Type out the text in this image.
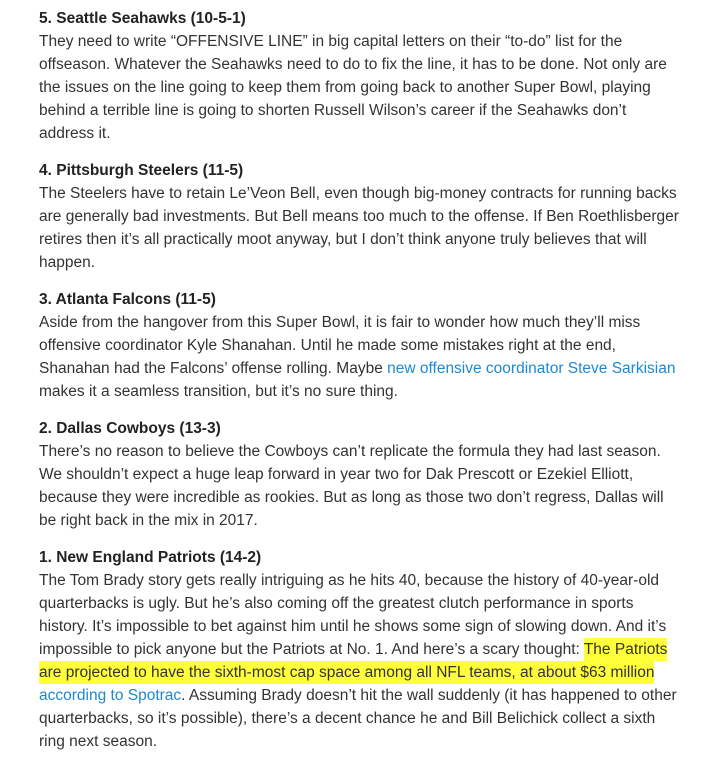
5. Seattle Seahawks (10-5-1)

They need to write “OFFENSIVE LINE” in big capital letters on their “to-do” list for the offseason. Whatever the Seahawks need to do to fix the line, it has to be done. Not only are the issues on the line going to keep them from going back to another Super Bowl, playing behind a terrible line is going to shorten Russell Wilson’s career if the Seahawks don’t address it.

4. Pittsburgh Steelers (11-5)

The Steelers have to retain Le’Veon Bell, even though big-money contracts for running backs are generally bad investments. But Bell means too much to the offense. If Ben Roethlisberger retires then it’s all practically moot anyway, but I don’t think anyone truly believes that will happen.

3. Atlanta Falcons (11-5)

Aside from the hangover from this Super Bowl, it is fair to wonder how much they’ll miss offensive coordinator Kyle Shanahan. Until he made some mistakes right at the end, Shanahan had the Falcons’ offense rolling. Maybe new offensive coordinator Steve Sarkisian makes it a seamless transition, but it’s no sure thing.

2. Dallas Cowboys (13-3)

There’s no reason to believe the Cowboys can’t replicate the formula they had last season. We shouldn’t expect a huge leap forward in year two for Dak Prescott or Ezekiel Elliott, because they were incredible as rookies. But as long as those two don’t regress, Dallas will be right back in the mix in 2017.

1. New England Patriots (14-2)

The Tom Brady story gets really intriguing as he hits 40, because the history of 40-year-old quarterbacks is ugly. But he’s also coming off the greatest clutch performance in sports history. It’s impossible to bet against him until he shows some sign of slowing down. And it’s impossible to pick anyone but the Patriots at No. 1. And here’s a scary thought: The Patriots are projected to have the sixth-most cap space among all NFL teams, at about $63 million according to Spotrac. Assuming Brady doesn’t hit the wall suddenly (it has happened to other quarterbacks, so it’s possible), there’s a decent chance he and Bill Belichick collect a sixth ring next season.
